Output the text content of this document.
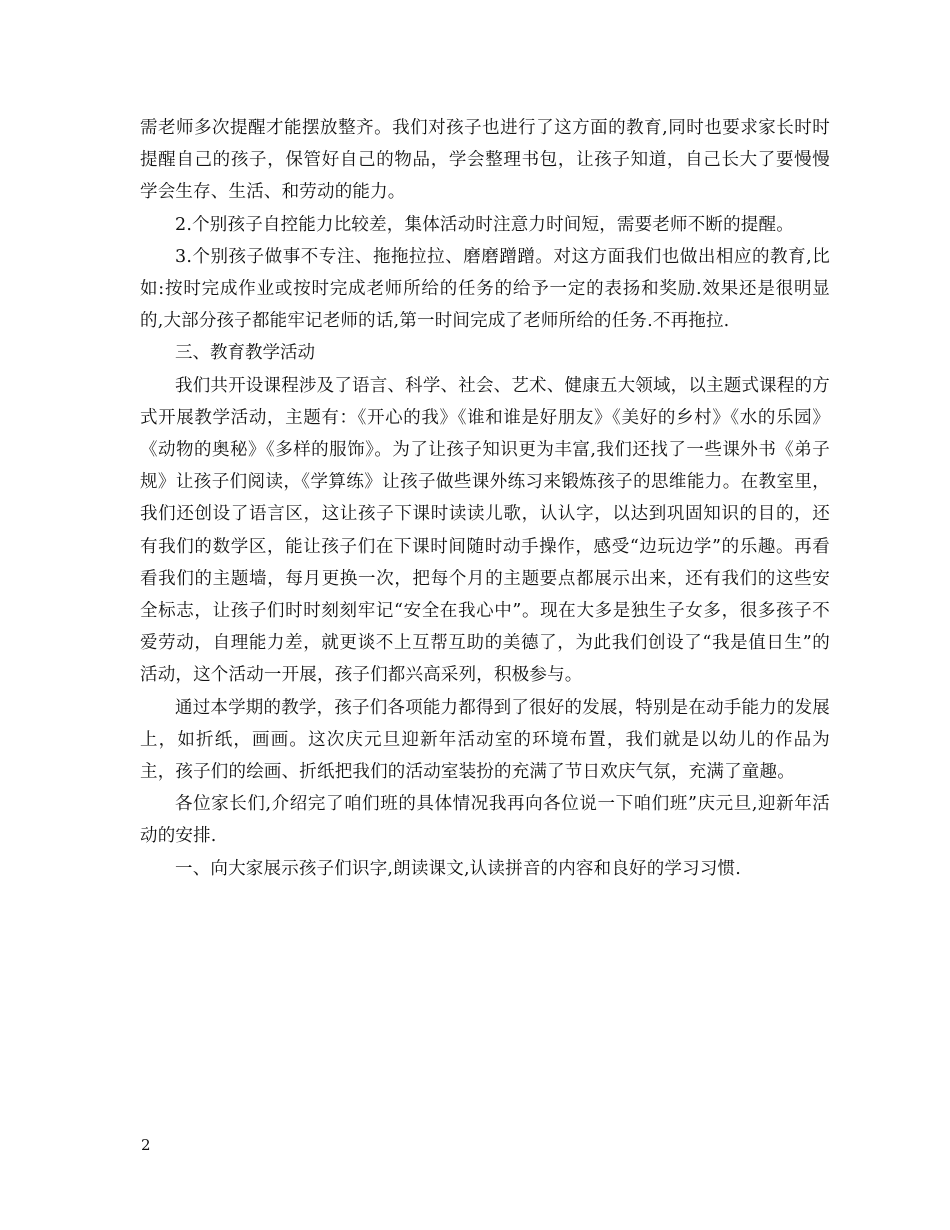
需老师多次提醒才能摆放整齐。我们对孩子也进行了这方面的教育,同时也要求家长时时提醒自己的孩子，保管好自己的物品，学会整理书包，让孩子知道，自己长大了要慢慢学会生存、生活、和劳动的能力。

2.个别孩子自控能力比较差，集体活动时注意力时间短，需要老师不断的提醒。

3.个别孩子做事不专注、拖拖拉拉、磨磨蹭蹭。对这方面我们也做出相应的教育,比如:按时完成作业或按时完成老师所给的任务的给予一定的表扬和奖励.效果还是很明显的,大部分孩子都能牢记老师的话,第一时间完成了老师所给的任务.不再拖拉.

三、教育教学活动

我们共开设课程涉及了语言、科学、社会、艺术、健康五大领域，以主题式课程的方式开展教学活动，主题有：《开心的我》《谁和谁是好朋友》《美好的乡村》《水的乐园》《动物的奥秘》《多样的服饰》。为了让孩子知识更为丰富,我们还找了一些课外书《弟子规》让孩子们阅读，《学算练》让孩子做些课外练习来锻炼孩子的思维能力。在教室里，我们还创设了语言区，这让孩子下课时读读儿歌，认认字，以达到巩固知识的目的，还有我们的数学区，能让孩子们在下课时间随时动手操作，感受“边玩边学”的乐趣。再看看我们的主题墙，每月更换一次，把每个月的主题要点都展示出来，还有我们的这些安全标志，让孩子们时时刻刻牢记“安全在我心中”。现在大多是独生子女多，很多孩子不爱劳动，自理能力差，就更谈不上互帮互助的美德了，为此我们创设了“我是值日生”的活动，这个活动一开展，孩子们都兴高采列，积极参与。

通过本学期的教学，孩子们各项能力都得到了很好的发展，特别是在动手能力的发展上，如折纸，画画。这次庆元旦迎新年活动室的环境布置，我们就是以幼儿的作品为主，孩子们的绘画、折纸把我们的活动室装扮的充满了节日欢庆气氛，充满了童趣。

各位家长们,介绍完了咱们班的具体情况我再向各位说一下咱们班”庆元旦,迎新年活动的安排.

一、向大家展示孩子们识字,朗读课文,认读拼音的内容和良好的学习习惯.

2
